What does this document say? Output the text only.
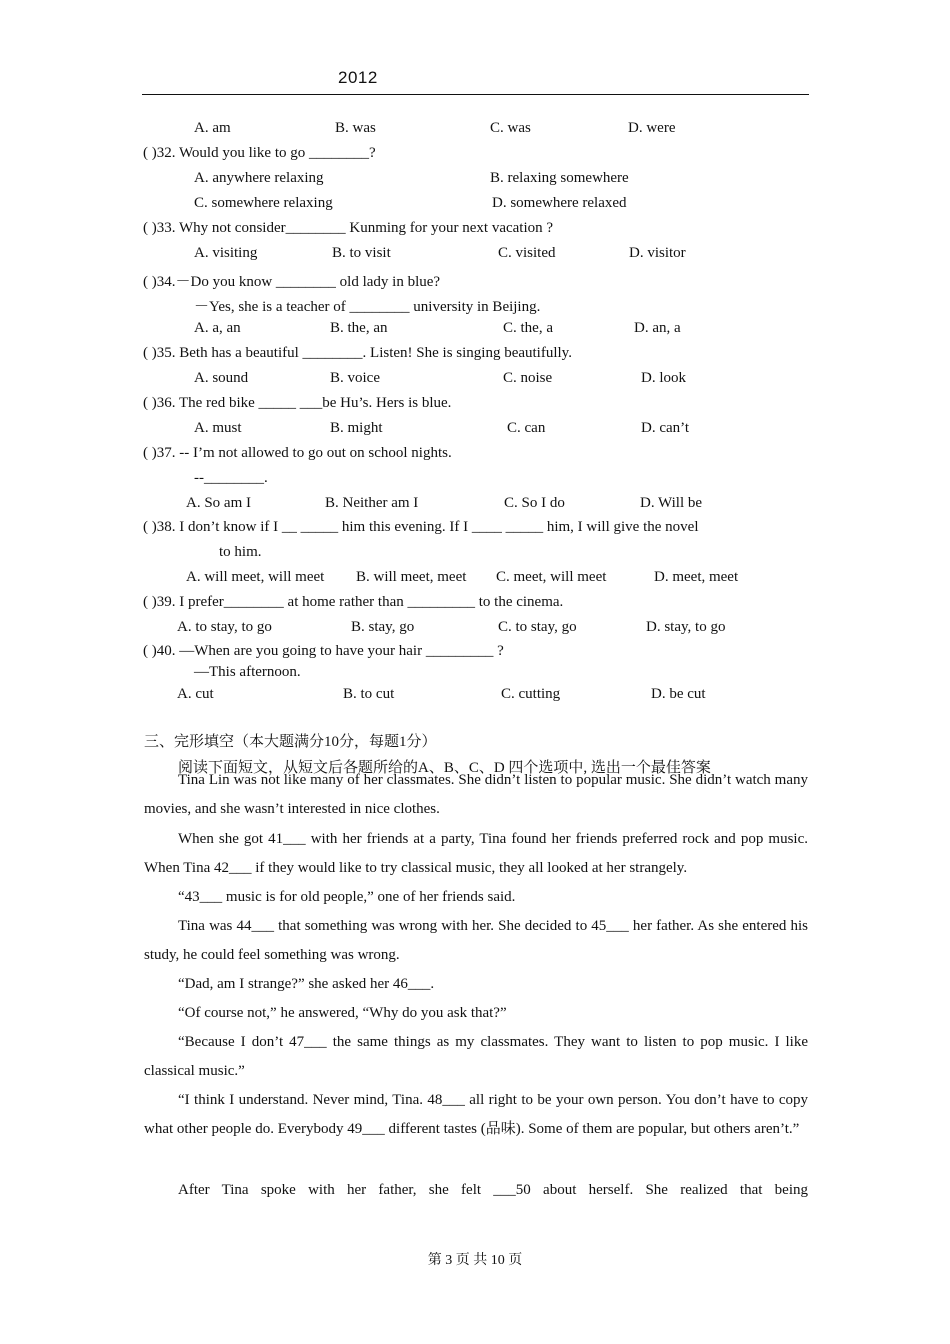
2012
A. am	B. was	C. was	D. were
( )32. Would you like to go ________?
A. anywhere relaxing	B. relaxing somewhere
C. somewhere relaxing	D. somewhere relaxed
( )33. Why not consider________ Kunming for your next vacation ?
A. visiting	B. to visit	C. visited	D. visitor
( )34.－Do you know ________ old lady in blue?
－Yes, she is a teacher of ________ university in Beijing.
A. a, an	B. the, an	C. the, a	D. an, a
( )35. Beth has a beautiful ________. Listen! She is singing beautifully.
A. sound	B. voice	C. noise	D. look
( )36. The red bike _____ ___be Hu’s. Hers is blue.
A. must	B. might	C. can	D. can’t
( )37. -- I’m not allowed to go out on school nights.
--________.
A. So am I	B. Neither am I	C. So I do	D. Will be
( )38. I don’t know if I __ _____ him this evening. If I ____ _____ him, I will give the novel
to him.
A. will meet, will meet B. will meet, meet C. meet, will meet	D. meet, meet
( )39. I prefer________ at home rather than _________ to the cinema.
A. to stay, to go	B. stay, go	C. to stay, go	D. stay, to go
( )40. —When are you going to have your hair _________ ?
—This afternoon.
A. cut	B. to cut	C. cutting	D. be cut
三、完形填空（本大题满分10分，每题1分）
阅读下面短文，从短文后各题所给的A、B、C、D 四个选项中, 选出一个最佳答案
Tina Lin was not like many of her classmates. She didn’t listen to popular music. She didn’t watch many movies, and she wasn’t interested in nice clothes.
When she got 41___ with her friends at a party, Tina found her friends preferred rock and pop music. When Tina 42___ if they would like to try classical music, they all looked at her strangely.
“43___ music is for old people,” one of her friends said.
Tina was 44___ that something was wrong with her. She decided to 45___ her father. As she entered his study, he could feel something was wrong.
“Dad, am I strange?” she asked her 46___.
“Of course not,” he answered, “Why do you ask that?”
“Because I don’t 47___ the same things as my classmates. They want to listen to pop music. I like classical music.”
“I think I understand. Never mind, Tina. 48___ all right to be your own person. You don’t have to copy what other people do. Everybody 49___ different tastes (品味). Some of them are popular, but others aren’t.”
After Tina spoke with her father, she felt ___50 about herself. She realized that being
第 3 页 共 10 页
